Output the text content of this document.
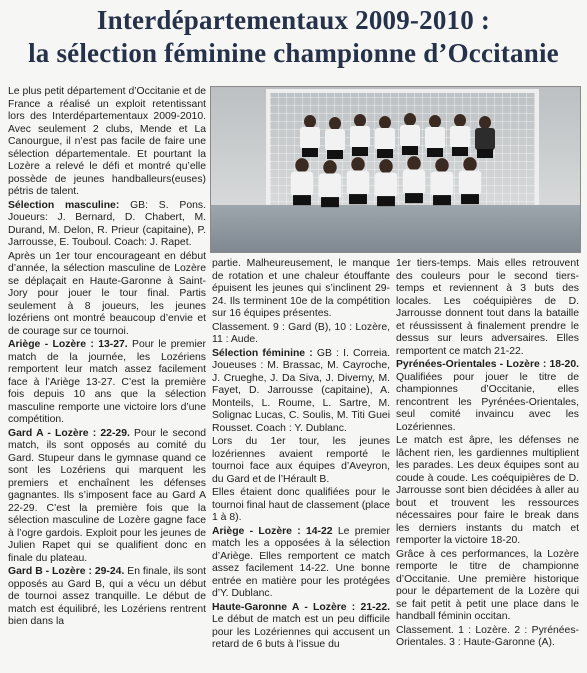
Interdépartementaux 2009-2010 :
la sélection féminine championne d’Occitanie

Le plus petit département d’Occitanie et de France a réalisé un exploit retentissant lors des Interdépartementaux 2009-2010. Avec seulement 2 clubs, Mende et La Canourgue, il n’est pas facile de faire une sélection départementale. Et pourtant la Lozère a relevé le défi et montré qu’elle possède de jeunes handballeurs(euses) pétris de talent.

Sélection masculine: GB: S. Pons. Joueurs: J. Bernard, D. Chabert, M. Durand, M. Delon, R. Prieur (capitaine), P. Jarrousse, E. Touboul. Coach: J. Rapet.

Après un 1er tour encourageant en début d’année, la sélection masculine de Lozère se déplaçait en Haute-Garonne à Saint-Jory pour jouer le tour final. Partis seulement à 8 joueurs, les jeunes lozériens ont montré beaucoup d’envie et de courage sur ce tournoi.

Ariège - Lozère : 13-27. Pour le premier match de la journée, les Lozériens remportent leur match assez facilement face à l’Ariège 13-27. C’est la première fois depuis 10 ans que la sélection masculine remporte une victoire lors d’une compétition.

Gard A - Lozère : 22-29. Pour le second match, ils sont opposés au comité du Gard. Stupeur dans le gymnase quand ce sont les Lozériens qui marquent les premiers et enchaînent les défenses gagnantes. Ils s’imposent face au Gard A 22-29. C’est la première fois que la sélection masculine de Lozère gagne face à l’ogre gardois. Exploit pour les jeunes de Julien Rapet qui se qualifient donc en finale du plateau.

Gard B - Lozère : 29-24. En finale, ils sont opposés au Gard B, qui a vécu un début de tournoi assez tranquille. Le début de match est équilibré, les Lozériens rentrent bien dans la

partie. Malheureusement, le manque de rotation et une chaleur étouffante épuisent les jeunes qui s’inclinent 29-24. Ils terminent 10e de la compétition sur 16 équipes présentes.

Classement. 9 : Gard (B), 10 : Lozère, 11 : Aude.

Sélection féminine : GB : I. Correia. Joueuses : M. Brassac, M. Cayroche, J. Crueghe, J. Da Siva, J. Diverny, M. Fayet, D. Jarrousse (capitaine), A. Monteils, L. Roume, L. Sartre, M. Solignac Lucas, C. Soulis, M. Titi Guei Rousset. Coach : Y. Dublanc.

Lors du 1er tour, les jeunes lozériennes avaient remporté le tournoi face aux équipes d’Aveyron, du Gard et de l’Hérault B.

Elles étaient donc qualifiées pour le tournoi final haut de classement (place 1 à 8).

Ariège - Lozère : 14-22 Le premier match les a opposées à la sélection d’Ariège. Elles remportent ce match assez facilement 14-22. Une bonne entrée en matière pour les protégées d’Y. Dublanc.

Haute-Garonne A - Lozère : 21-22. Le début de match est un peu difficile pour les Lozériennes qui accusent un retard de 6 buts à l’issue du

1er tiers-temps. Mais elles retrouvent des couleurs pour le second tiers-temps et reviennent à 3 buts des locales. Les coéquipières de D. Jarrousse donnent tout dans la bataille et réussissent à finalement prendre le dessus sur leurs adversaires. Elles remportent ce match 21-22.

Pyrénées-Orientales - Lozère : 18-20. Qualifiées pour jouer le titre de championnes d’Occitanie, elles rencontrent les Pyrénées-Orientales, seul comité invaincu avec les Lozériennes.

Le match est âpre, les défenses ne lâchent rien, les gardiennes multiplient les parades. Les deux équipes sont au coude à coude. Les coéquipières de D. Jarrousse sont bien décidées à aller au bout et trouvent les ressources nécessaires pour faire le break dans les derniers instants du match et remporter la victoire 18-20.

Grâce à ces performances, la Lozère remporte le titre de championne d’Occitanie. Une première historique pour le département de la Lozère qui se fait petit à petit une place dans le handball féminin occitan.

Classement. 1 : Lozère. 2 : Pyrénées-Orientales. 3 : Haute-Garonne (A).
